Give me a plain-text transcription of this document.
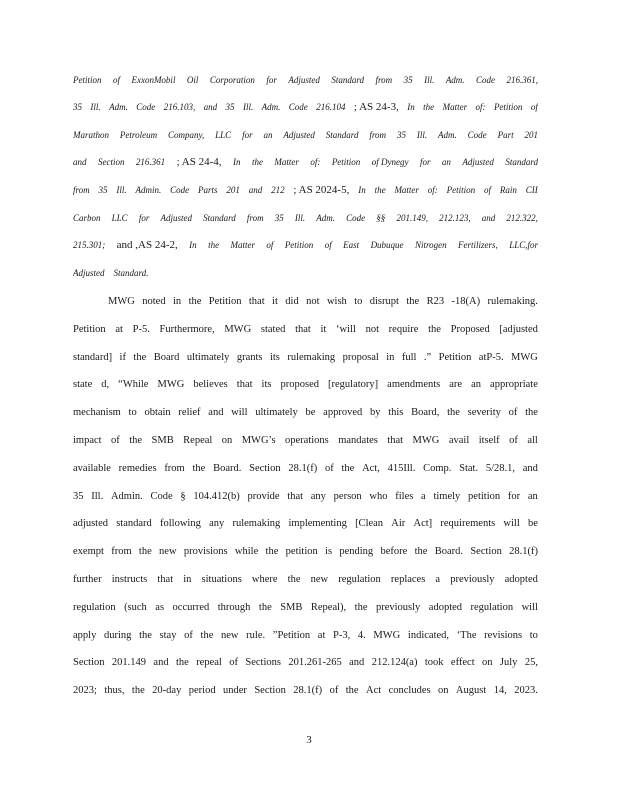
Petition of ExxonMobil Oil Corporation for Adjusted Standard from 35 Ill. Adm. Code 216.361,
35 Ill. Adm. Code 216.103, and 35 Ill. Adm. Code 216.104 ; AS 24-3, In the Matter of: Petition of
Marathon Petroleum Company, LLC for an Adjusted Standard from 35 Ill. Adm. Code Part 201
and Section 216.361 ; AS 24-4, In the Matter of: Petition of Dynegy for an Adjusted Standard
from 35 Ill. Admin. Code Parts 201 and 212 ; AS 2024-5, In the Matter of: Petition of Rain CII
Carbon LLC for Adjusted Standard from 35 Ill. Adm. Code §§ 201.149, 212.123, and 212.322,
215.301; and ,AS 24-2, In the Matter of Petition of East Dubuque Nitrogen Fertilizers, LLC,for
Adjusted Standard.
MWG noted in the Petition that it did not wish to disrupt the R23 -18(A) rulemaking.
Petition at P-5. Furthermore, MWG stated that it ‘will not require the Proposed [adjusted
standard] if the Board ultimately grants its rulemaking proposal in full .” Petition atP-5. MWG
state d, “While MWG believes that its proposed [regulatory] amendments are an appropriate
mechanism to obtain relief and will ultimately be approved by this Board, the severity of the
impact of the SMB Repeal on MWG’s operations mandates that MWG avail itself of all
available remedies from the Board. Section 28.1(f) of the Act, 415Ill. Comp. Stat. 5/28.1, and
35 Ill. Admin. Code § 104.412(b) provide that any person who files a timely petition for an
adjusted standard following any rulemaking implementing [Clean Air Act] requirements will be
exempt from the new provisions while the petition is pending before the Board. Section 28.1(f)
further instructs that in situations where the new regulation replaces a previously adopted
regulation (such as occurred through the SMB Repeal), the previously adopted regulation will
apply during the stay of the new rule. ”Petition at P-3, 4. MWG indicated, ‘The revisions to
Section 201.149 and the repeal of Sections 201.261-265 and 212.124(a) took effect on July 25,
2023; thus, the 20-day period under Section 28.1(f) of the Act concludes on August 14, 2023.
3
